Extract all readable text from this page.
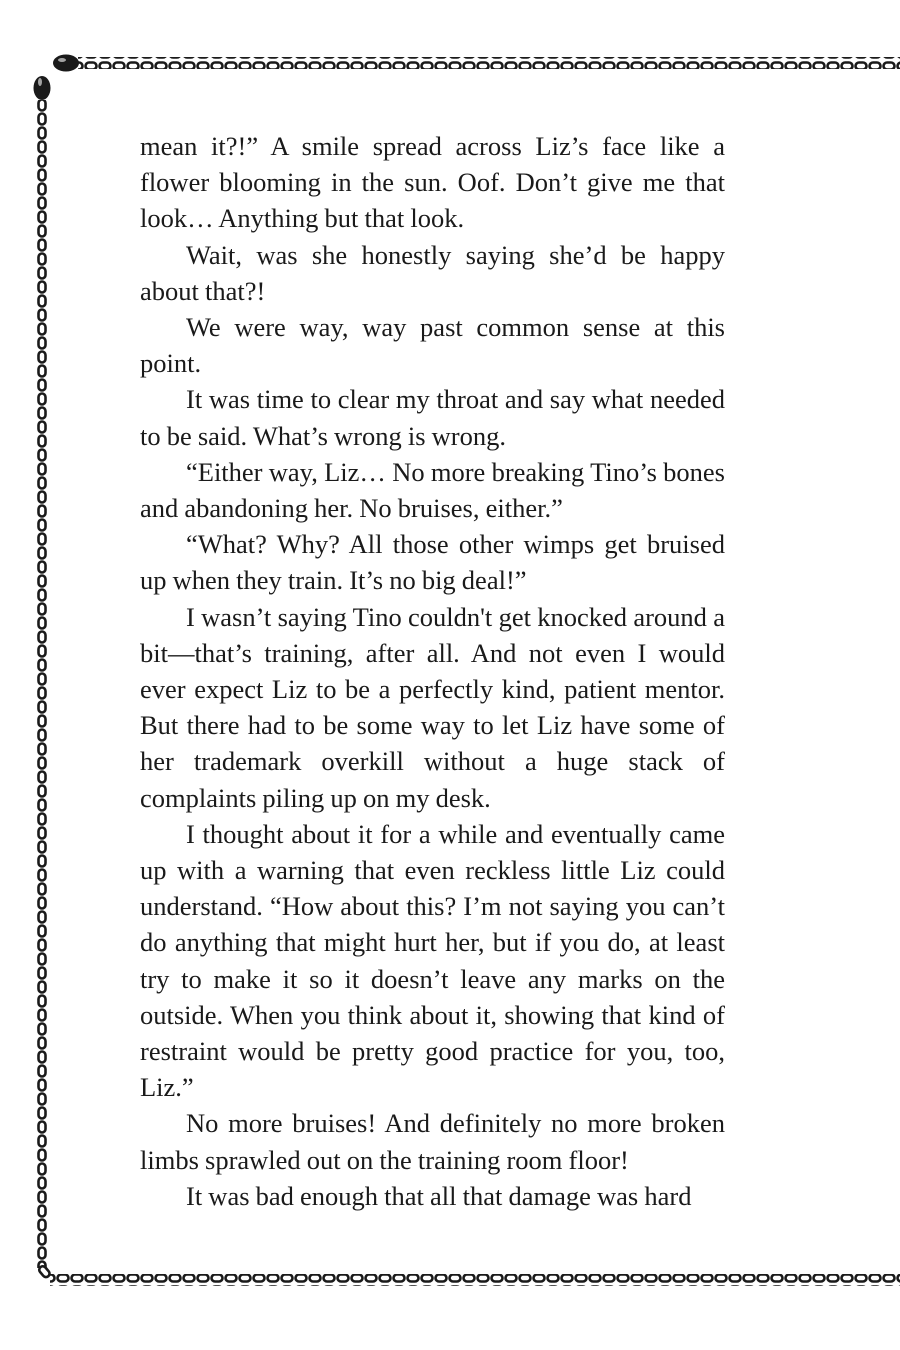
mean it?!” A smile spread across Liz’s face like a flower blooming in the sun. Oof. Don’t give me that look… Anything but that look.

Wait, was she honestly saying she’d be happy about that?!

We were way, way past common sense at this point.

It was time to clear my throat and say what needed to be said. What’s wrong is wrong.

“Either way, Liz… No more breaking Tino’s bones and abandoning her. No bruises, either.”

“What? Why? All those other wimps get bruised up when they train. It’s no big deal!”

I wasn’t saying Tino couldn't get knocked around a bit—that’s training, after all. And not even I would ever expect Liz to be a perfectly kind, patient mentor. But there had to be some way to let Liz have some of her trademark overkill without a huge stack of complaints piling up on my desk.

I thought about it for a while and eventually came up with a warning that even reckless little Liz could understand. “How about this? I’m not saying you can’t do anything that might hurt her, but if you do, at least try to make it so it doesn’t leave any marks on the outside. When you think about it, showing that kind of restraint would be pretty good practice for you, too, Liz.”

No more bruises! And definitely no more broken limbs sprawled out on the training room floor!

It was bad enough that all that damage was hard
